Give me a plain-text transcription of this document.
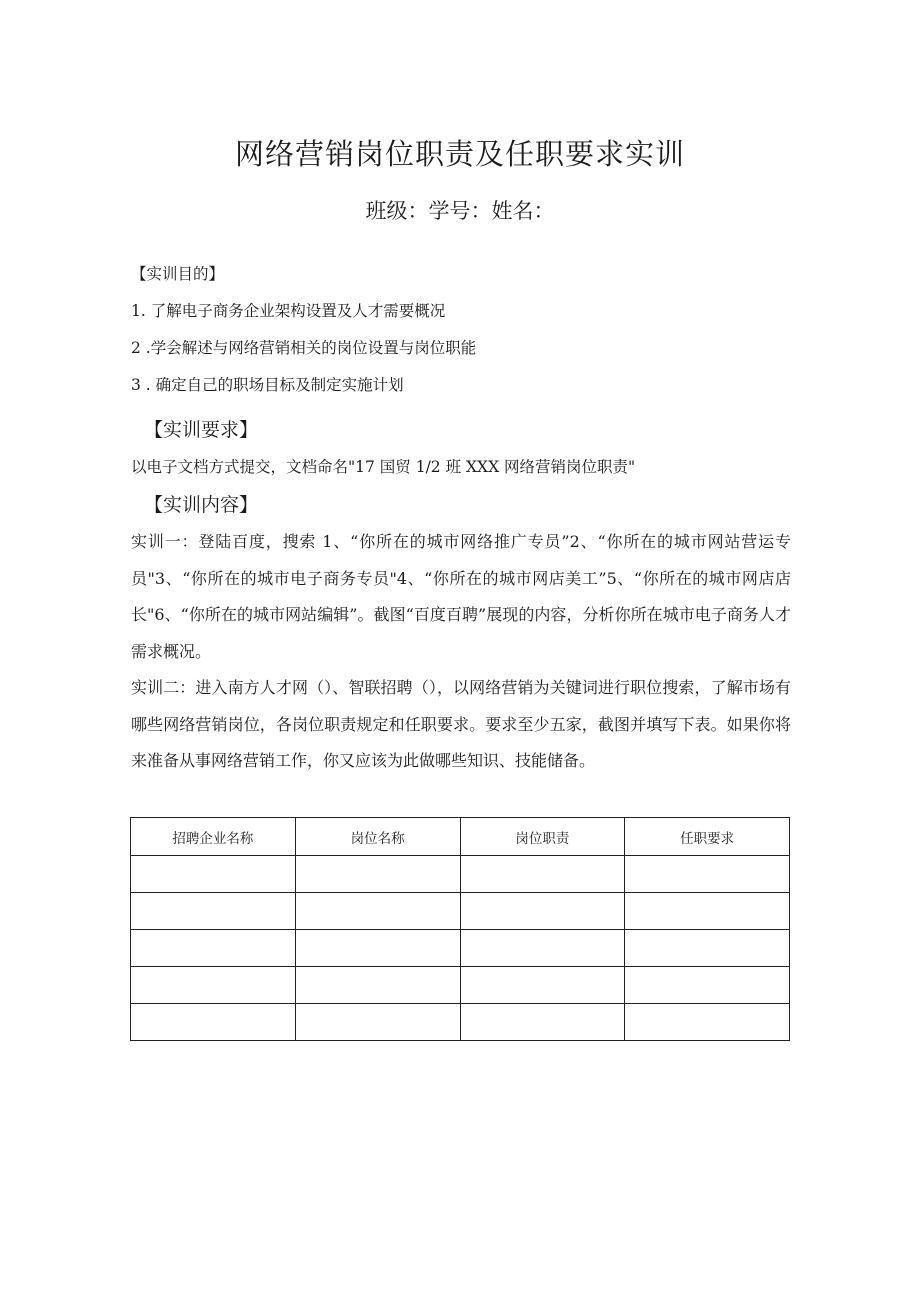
网络营销岗位职责及任职要求实训
班级：学号：姓名：
【实训目的】
1. 了解电子商务企业架构设置及人才需要概况
2 .学会解述与网络营销相关的岗位设置与岗位职能
3 . 确定自己的职场目标及制定实施计划
【实训要求】
以电子文档方式提交，文档命名"17 国贸 1/2 班 XXX 网络营销岗位职责"
【实训内容】
实训一：登陆百度，搜索 1、“你所在的城市网络推广专员”2、“你所在的城市网站营运专员"3、“你所在的城市电子商务专员"4、“你所在的城市网店美工”5、“你所在的城市网店店长"6、“你所在的城市网站编辑”。截图“百度百聘”展现的内容，分析你所在城市电子商务人才需求概况。
实训二：进入南方人才网（）、智联招聘（），以网络营销为关键词进行职位搜索，了解市场有哪些网络营销岗位，各岗位职责规定和任职要求。要求至少五家，截图并填写下表。如果你将来准备从事网络营销工作，你又应该为此做哪些知识、技能储备。
招聘企业名称	岗位名称	岗位职责	任职要求
